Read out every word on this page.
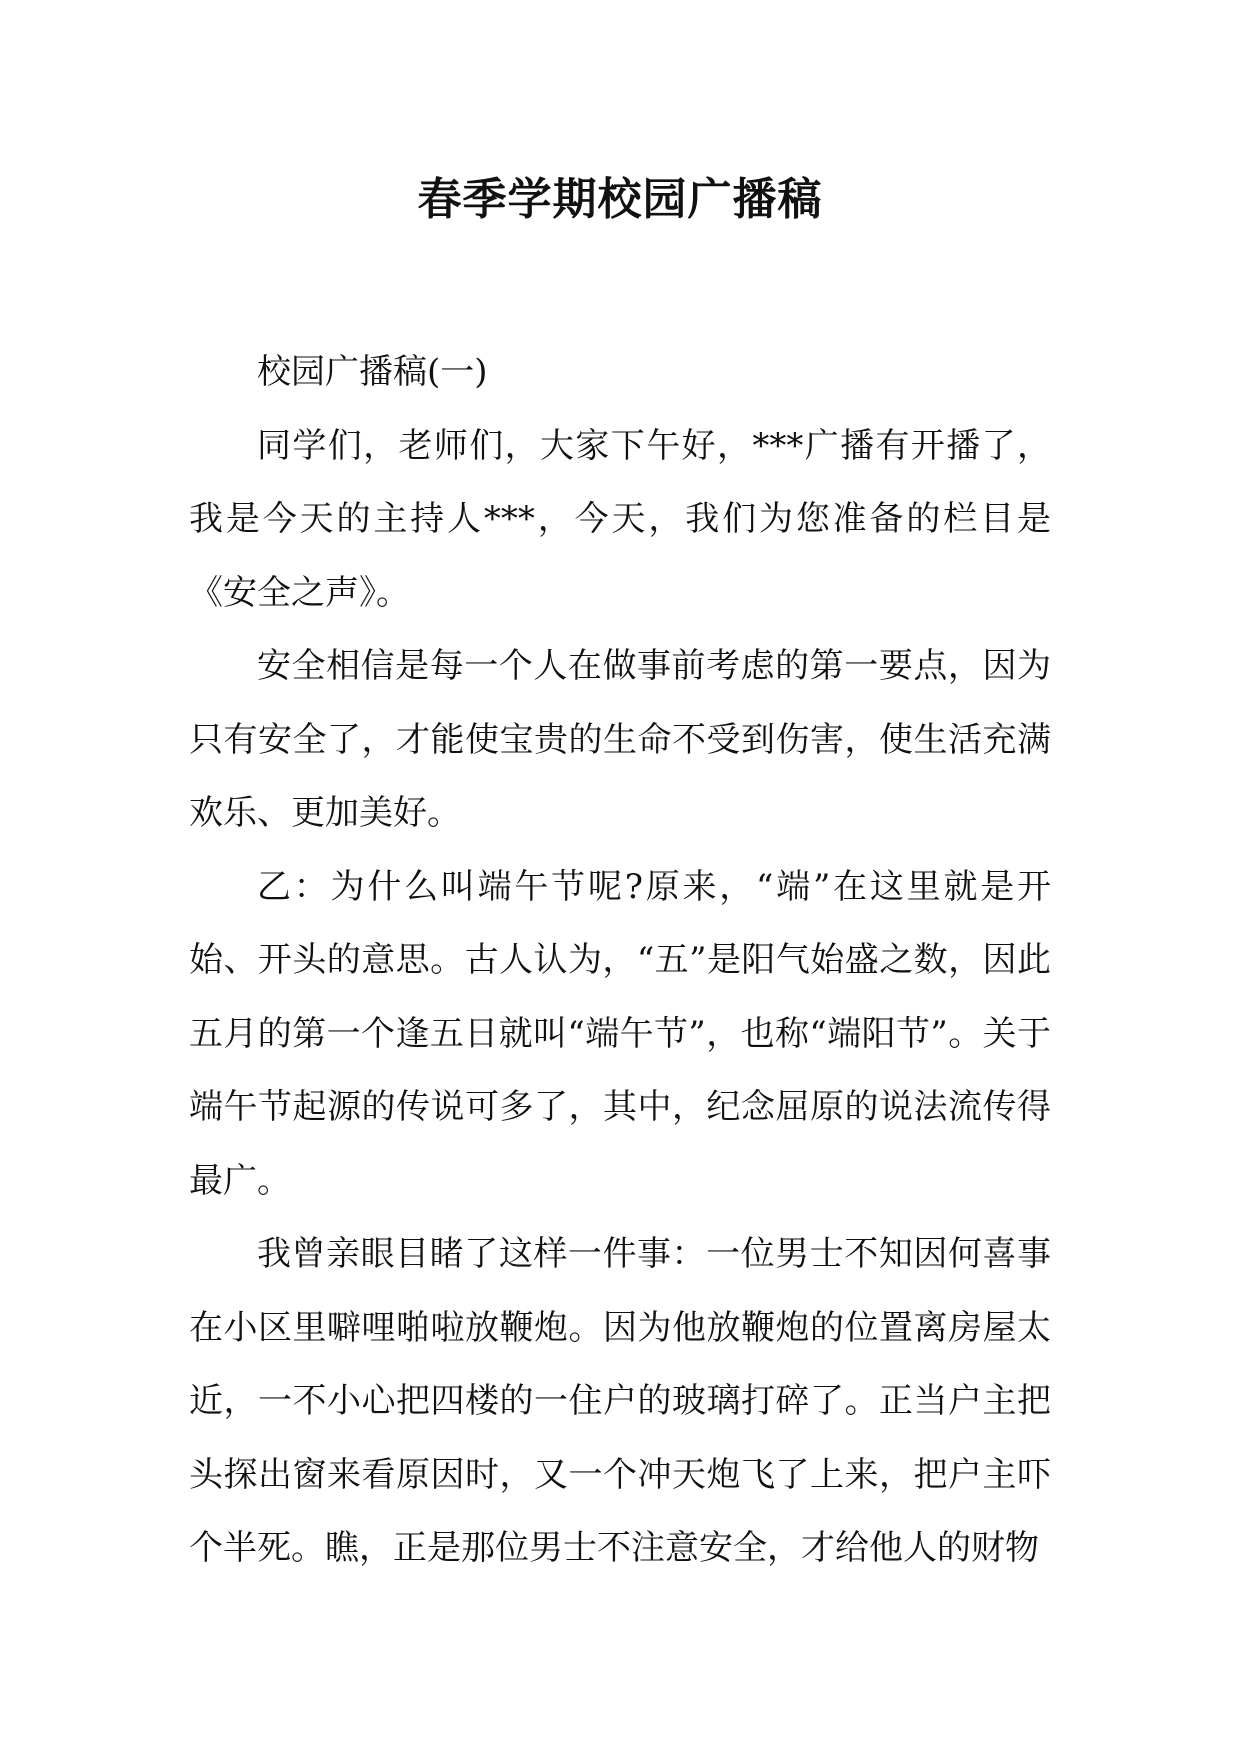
春季学期校园广播稿

校园广播稿(一)

同学们，老师们，大家下午好，***广播有开播了，我是今天的主持人***，今天，我们为您准备的栏目是《安全之声》。

安全相信是每一个人在做事前考虑的第一要点，因为只有安全了，才能使宝贵的生命不受到伤害，使生活充满欢乐、更加美好。

乙：为什么叫端午节呢?原来，“端”在这里就是开始、开头的意思。古人认为，“五”是阳气始盛之数，因此五月的第一个逢五日就叫“端午节”，也称“端阳节”。关于端午节起源的传说可多了，其中，纪念屈原的说法流传得最广。

我曾亲眼目睹了这样一件事：一位男士不知因何喜事在小区里噼哩啪啦放鞭炮。因为他放鞭炮的位置离房屋太近，一不小心把四楼的一住户的玻璃打碎了。正当户主把头探出窗来看原因时，又一个冲天炮飞了上来，把户主吓个半死。瞧，正是那位男士不注意安全，才给他人的财物
